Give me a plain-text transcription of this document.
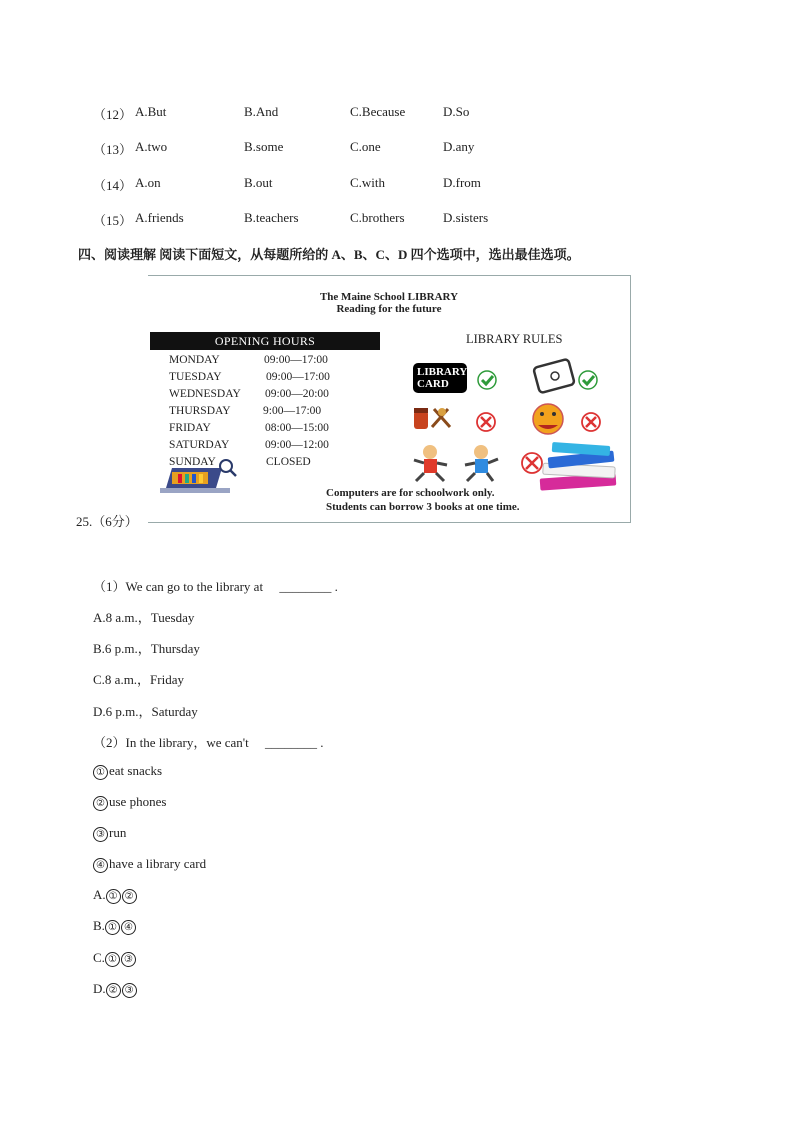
（12） A.But	B.And	C.Because	D.So
（13） A.two	B.some	C.one	D.any
（14） A.on	B.out	C.with	D.from
（15） A.friends	B.teachers	C.brothers	D.sisters
四、阅读理解 阅读下面短文，从每题所给的 A、B、C、D 四个选项中，选出最佳选项。
The Maine School LIBRARY
Reading for the future
OPENING HOURS
MONDAY	09:00—17:00
TUESDAY	09:00—17:00
WEDNESDAY 09:00—20:00
THURSDAY	9:00—17:00
FRIDAY	08:00—15:00
SATURDAY	09:00—12:00
SUNDAY	CLOSED
LIBRARY RULES
LIBRARY
CARD
Computers are for schoolwork only.
Students can borrow 3 books at one time.
25.（6分）
（1）We can go to the library at　 ________ .
A.8 a.m.，Tuesday
B.6 p.m.，Thursday
C.8 a.m.，Friday
D.6 p.m.，Saturday
（2）In the library，we can't　 ________ .
① eat snacks
② use phones
③ run
④ have a library card
A. ① ②
B. ① ④
C. ① ③
D. ② ③
